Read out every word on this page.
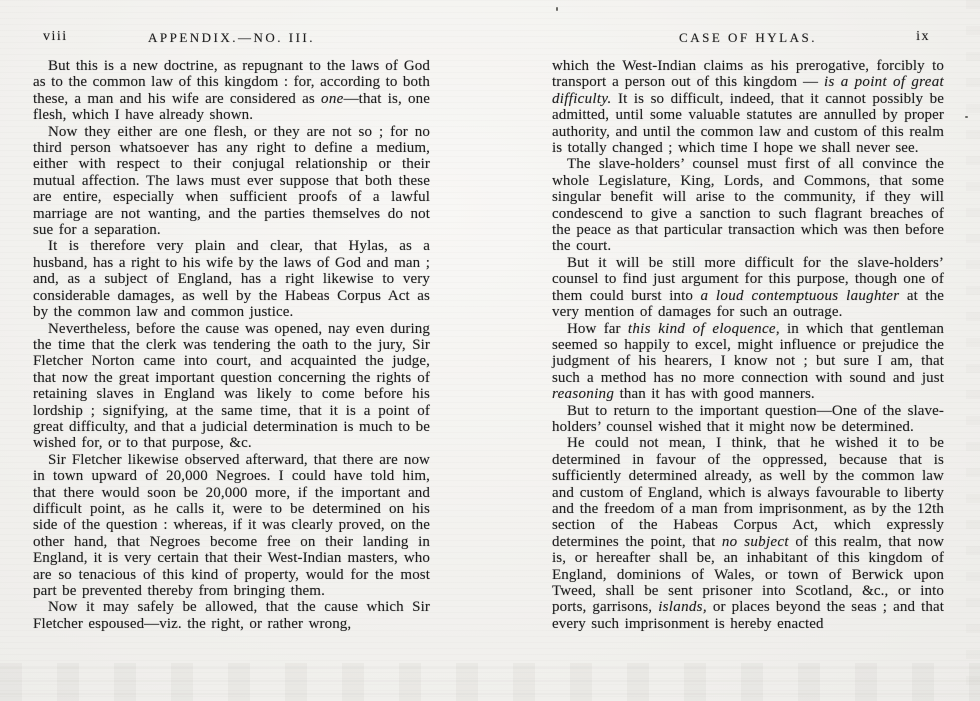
viii	APPENDIX.—NO. III.

But this is a new doctrine, as repugnant to the laws of God as to the common law of this kingdom : for, according to both these, a man and his wife are considered as one—that is, one flesh, which I have already shown.

Now they either are one flesh, or they are not so ; for no third person whatsoever has any right to define a medium, either with respect to their conjugal relationship or their mutual affection. The laws must ever suppose that both these are entire, especially when sufficient proofs of a lawful marriage are not wanting, and the parties themselves do not sue for a separation.

It is therefore very plain and clear, that Hylas, as a husband, has a right to his wife by the laws of God and man ; and, as a subject of England, has a right likewise to very considerable damages, as well by the Habeas Corpus Act as by the common law and common justice.

Nevertheless, before the cause was opened, nay even during the time that the clerk was tendering the oath to the jury, Sir Fletcher Norton came into court, and acquainted the judge, that now the great important question concerning the rights of retaining slaves in England was likely to come before his lordship ; signifying, at the same time, that it is a point of great difficulty, and that a judicial determination is much to be wished for, or to that purpose, &c.

Sir Fletcher likewise observed afterward, that there are now in town upward of 20,000 Negroes. I could have told him, that there would soon be 20,000 more, if the important and difficult point, as he calls it, were to be determined on his side of the question : whereas, if it was clearly proved, on the other hand, that Negroes become free on their landing in England, it is very certain that their West-Indian masters, who are so tenacious of this kind of property, would for the most part be prevented thereby from bringing them.

Now it may safely be allowed, that the cause which Sir Fletcher espoused—viz. the right, or rather wrong,

CASE OF HYLAS.	ix

which the West-Indian claims as his prerogative, forcibly to transport a person out of this kingdom — is a point of great difficulty. It is so difficult, indeed, that it cannot possibly be admitted, until some valuable statutes are annulled by proper authority, and until the common law and custom of this realm is totally changed ; which time I hope we shall never see.

The slave-holders’ counsel must first of all convince the whole Legislature, King, Lords, and Commons, that some singular benefit will arise to the community, if they will condescend to give a sanction to such flagrant breaches of the peace as that particular transaction which was then before the court.

But it will be still more difficult for the slave-holders’ counsel to find just argument for this purpose, though one of them could burst into a loud contemptuous laughter at the very mention of damages for such an outrage.

How far this kind of eloquence, in which that gentleman seemed so happily to excel, might influence or prejudice the judgment of his hearers, I know not ; but sure I am, that such a method has no more connection with sound and just reasoning than it has with good manners.

But to return to the important question—One of the slave-holders’ counsel wished that it might now be determined.

He could not mean, I think, that he wished it to be determined in favour of the oppressed, because that is sufficiently determined already, as well by the common law and custom of England, which is always favourable to liberty and the freedom of a man from imprisonment, as by the 12th section of the Habeas Corpus Act, which expressly determines the point, that no subject of this realm, that now is, or hereafter shall be, an inhabitant of this kingdom of England, dominions of Wales, or town of Berwick upon Tweed, shall be sent prisoner into Scotland, &c., or into ports, garrisons, islands, or places beyond the seas ; and that every such imprisonment is hereby enacted
